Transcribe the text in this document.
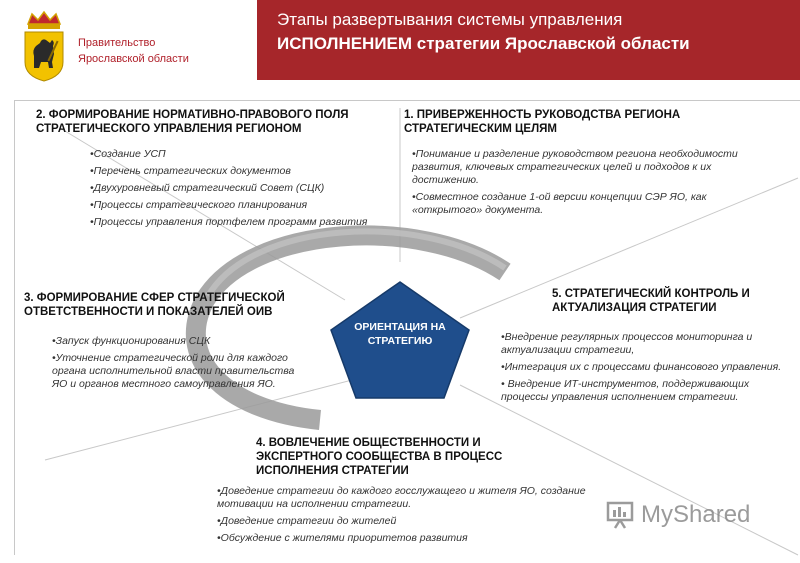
Правительство
Ярославской области
Этапы развертывания системы управления
ИСПОЛНЕНИЕМ стратегии Ярославской области
ОРИЕНТАЦИЯ НА
СТРАТЕГИЮ
2. ФОРМИРОВАНИЕ НОРМАТИВНО-ПРАВОВОГО ПОЛЯ
СТРАТЕГИЧЕСКОГО УПРАВЛЕНИЯ РЕГИОНОМ
•Создание УСП
•Перечень стратегических документов
•Двухуровневый стратегический Совет (СЦК)
•Процессы стратегического планирования
•Процессы управления портфелем программ развития
1. ПРИВЕРЖЕННОСТЬ РУКОВОДСТВА РЕГИОНА
СТРАТЕГИЧЕСКИМ ЦЕЛЯМ
•Понимание и разделение руководством региона необходимости развития, ключевых стратегических целей и подходов к их достижению.
•Совместное создание 1-ой версии концепции СЭР ЯО, как «открытого» документа.
3. ФОРМИРОВАНИЕ СФЕР СТРАТЕГИЧЕСКОЙ
ОТВЕТСТВЕННОСТИ И ПОКАЗАТЕЛЕЙ ОИВ
•Запуск функционирования СЦК
•Уточнение стратегической роли для каждого органа исполнительной власти правительства ЯО и органов местного самоуправления ЯО.
5. СТРАТЕГИЧЕСКИЙ КОНТРОЛЬ И
АКТУАЛИЗАЦИЯ СТРАТЕГИИ
•Внедрение регулярных процессов мониторинга и актуализации стратегии,
•Интеграция их с процессами финансового управления.
• Внедрение ИТ-инструментов, поддерживающих процессы управления исполнением стратегии.
4. ВОВЛЕЧЕНИЕ ОБЩЕСТВЕННОСТИ И
ЭКСПЕРТНОГО СООБЩЕСТВА В ПРОЦЕСС
ИСПОЛНЕНИЯ СТРАТЕГИИ
•Доведение стратегии до каждого госслужащего и жителя ЯО, создание мотивации на исполнении стратегии.
•Доведение стратегии до жителей
•Обсуждение с жителями приоритетов развития
MyShared
